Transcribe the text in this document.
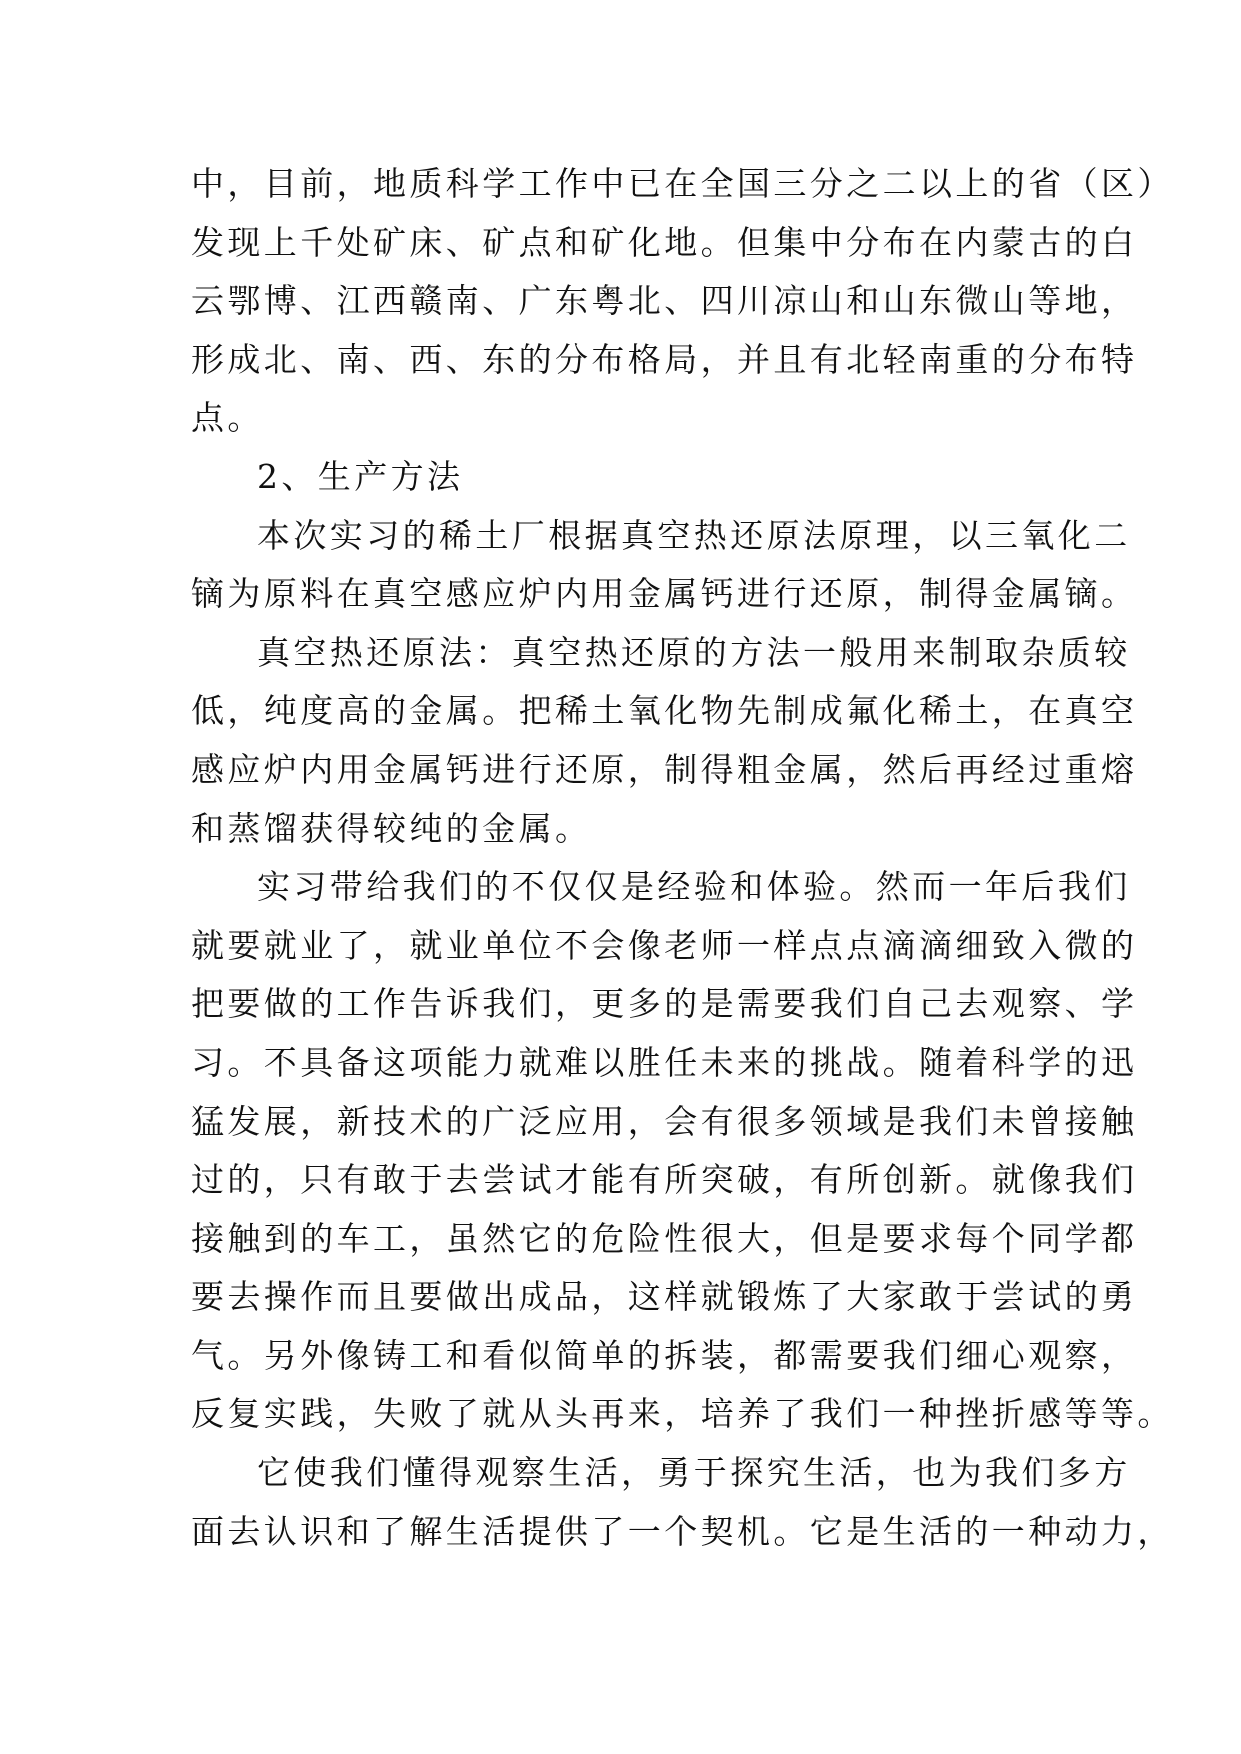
中，目前，地质科学工作中已在全国三分之二以上的省（区）
发现上千处矿床、矿点和矿化地。但集中分布在内蒙古的白
云鄂博、江西赣南、广东粤北、四川凉山和山东微山等地，
形成北、南、西、东的分布格局，并且有北轻南重的分布特
点。
2、生产方法
本次实习的稀土厂根据真空热还原法原理，以三氧化二
镝为原料在真空感应炉内用金属钙进行还原，制得金属镝。
真空热还原法：真空热还原的方法一般用来制取杂质较
低，纯度高的金属。把稀土氧化物先制成氟化稀土，在真空
感应炉内用金属钙进行还原，制得粗金属，然后再经过重熔
和蒸馏获得较纯的金属。
实习带给我们的不仅仅是经验和体验。然而一年后我们
就要就业了，就业单位不会像老师一样点点滴滴细致入微的
把要做的工作告诉我们，更多的是需要我们自己去观察、学
习。不具备这项能力就难以胜任未来的挑战。随着科学的迅
猛发展，新技术的广泛应用，会有很多领域是我们未曾接触
过的，只有敢于去尝试才能有所突破，有所创新。就像我们
接触到的车工，虽然它的危险性很大，但是要求每个同学都
要去操作而且要做出成品，这样就锻炼了大家敢于尝试的勇
气。另外像铸工和看似简单的拆装，都需要我们细心观察，
反复实践，失败了就从头再来，培养了我们一种挫折感等等。
它使我们懂得观察生活，勇于探究生活，也为我们多方
面去认识和了解生活提供了一个契机。它是生活的一种动力，
